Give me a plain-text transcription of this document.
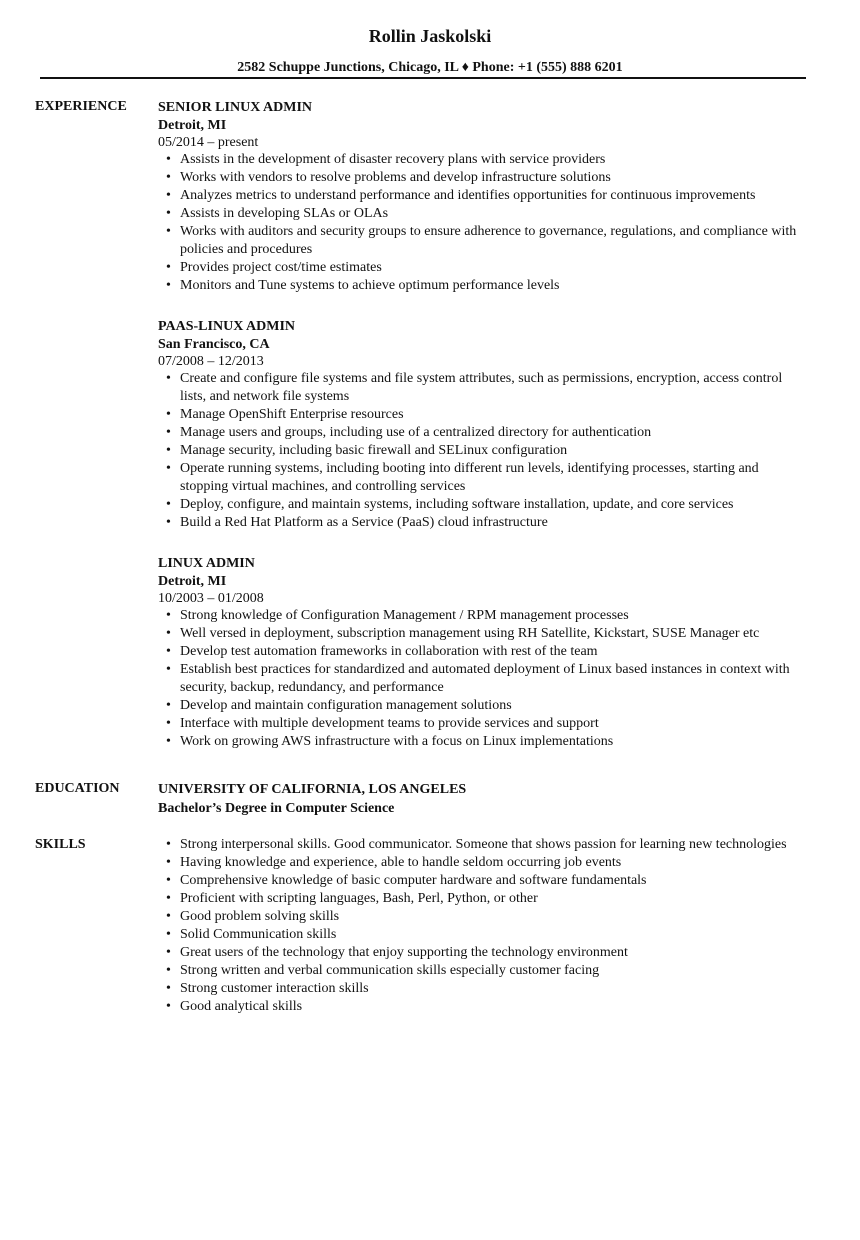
Rollin Jaskolski
2582 Schuppe Junctions, Chicago, IL ♦ Phone: +1 (555) 888 6201
EXPERIENCE SENIOR LINUX ADMIN
Detroit, MI
05/2014 – present
• Assists in the development of disaster recovery plans with service providers
• Works with vendors to resolve problems and develop infrastructure solutions
• Analyzes metrics to understand performance and identifies opportunities for continuous improvements
• Assists in developing SLAs or OLAs
• Works with auditors and security groups to ensure adherence to governance, regulations, and compliance with policies and procedures
• Provides project cost/time estimates
• Monitors and Tune systems to achieve optimum performance levels
PAAS-LINUX ADMIN
San Francisco, CA
07/2008 – 12/2013
• Create and configure file systems and file system attributes, such as permissions, encryption, access control lists, and network file systems
• Manage OpenShift Enterprise resources
• Manage users and groups, including use of a centralized directory for authentication
• Manage security, including basic firewall and SELinux configuration
• Operate running systems, including booting into different run levels, identifying processes, starting and stopping virtual machines, and controlling services
• Deploy, configure, and maintain systems, including software installation, update, and core services
• Build a Red Hat Platform as a Service (PaaS) cloud infrastructure
LINUX ADMIN
Detroit, MI
10/2003 – 01/2008
• Strong knowledge of Configuration Management / RPM management processes
• Well versed in deployment, subscription management using RH Satellite, Kickstart, SUSE Manager etc
• Develop test automation frameworks in collaboration with rest of the team
• Establish best practices for standardized and automated deployment of Linux based instances in context with security, backup, redundancy, and performance
• Develop and maintain configuration management solutions
• Interface with multiple development teams to provide services and support
• Work on growing AWS infrastructure with a focus on Linux implementations
EDUCATION	UNIVERSITY OF CALIFORNIA, LOS ANGELES
Bachelor’s Degree in Computer Science
SKILLS
•	Strong interpersonal skills. Good communicator. Someone that shows passion for learning new technologies
• Having knowledge and experience, able to handle seldom occurring job events
• Comprehensive knowledge of basic computer hardware and software fundamentals
• Proficient with scripting languages, Bash, Perl, Python, or other
• Good problem solving skills
• Solid Communication skills
• Great users of the technology that enjoy supporting the technology environment
• Strong written and verbal communication skills especially customer facing
• Strong customer interaction skills
• Good analytical skills
